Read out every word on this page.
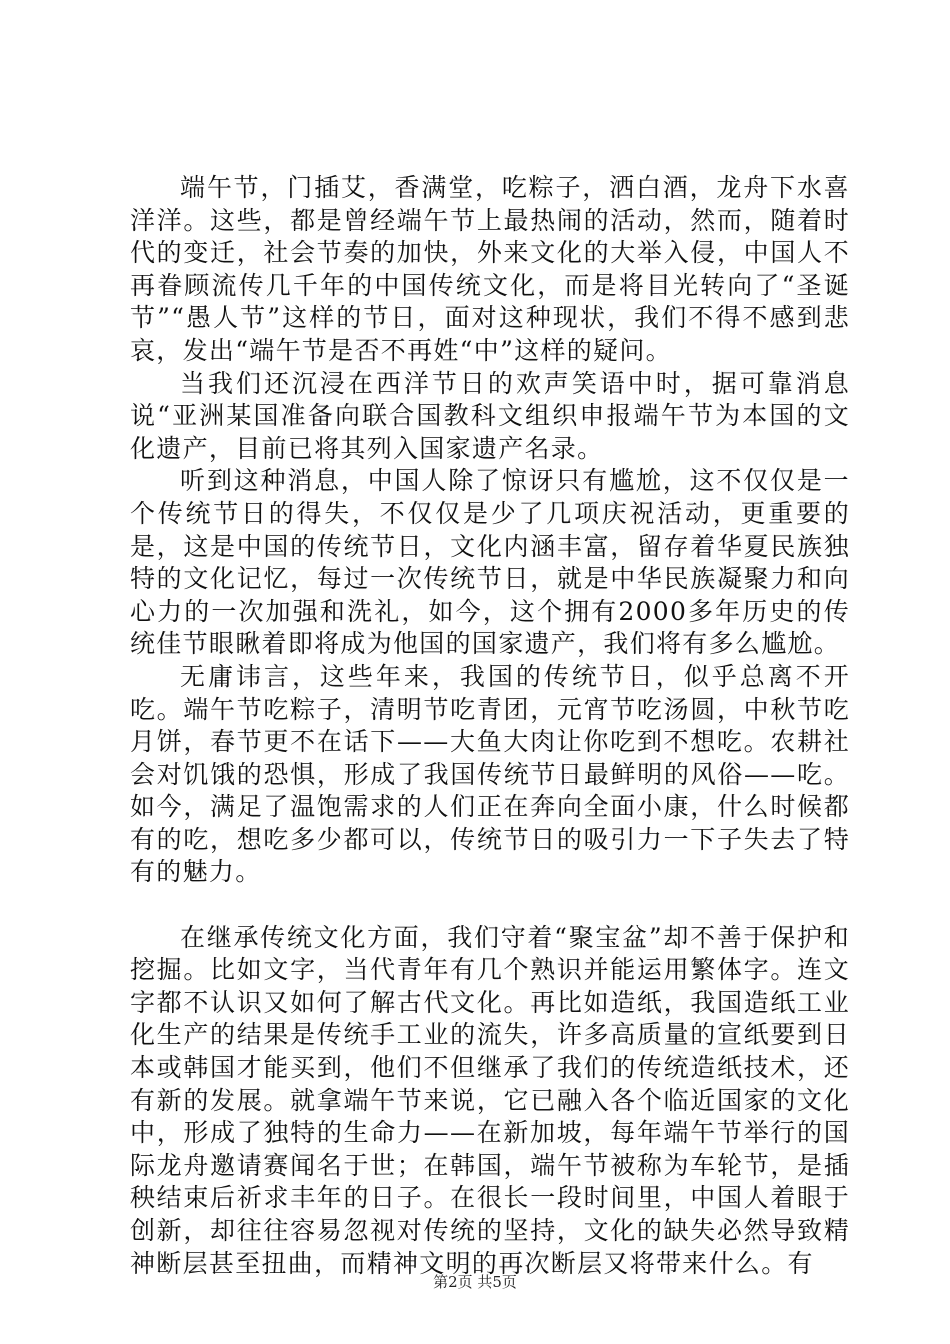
端午节，门插艾，香满堂，吃粽子，洒白酒，龙舟下水喜洋洋。这些，都是曾经端午节上最热闹的活动，然而，随着时代的变迁，社会节奏的加快，外来文化的大举入侵，中国人不再眷顾流传几千年的中国传统文化，而是将目光转向了“圣诞节”“愚人节”这样的节日，面对这种现状，我们不得不感到悲哀，发出“端午节是否不再姓“中”这样的疑问。

当我们还沉浸在西洋节日的欢声笑语中时，据可靠消息说“亚洲某国准备向联合国教科文组织申报端午节为本国的文化遗产，目前已将其列入国家遗产名录。

听到这种消息，中国人除了惊讶只有尴尬，这不仅仅是一个传统节日的得失，不仅仅是少了几项庆祝活动，更重要的是，这是中国的传统节日，文化内涵丰富，留存着华夏民族独特的文化记忆，每过一次传统节日，就是中华民族凝聚力和向心力的一次加强和洗礼，如今，这个拥有2000多年历史的传统佳节眼瞅着即将成为他国的国家遗产，我们将有多么尴尬。

无庸讳言，这些年来，我国的传统节日，似乎总离不开吃。端午节吃粽子，清明节吃青团，元宵节吃汤圆，中秋节吃月饼，春节更不在话下——大鱼大肉让你吃到不想吃。农耕社会对饥饿的恐惧，形成了我国传统节日最鲜明的风俗——吃。如今，满足了温饱需求的人们正在奔向全面小康，什么时候都有的吃，想吃多少都可以，传统节日的吸引力一下子失去了特有的魅力。

在继承传统文化方面，我们守着“聚宝盆”却不善于保护和挖掘。比如文字，当代青年有几个熟识并能运用繁体字。连文字都不认识又如何了解古代文化。再比如造纸，我国造纸工业化生产的结果是传统手工业的流失，许多高质量的宣纸要到日本或韩国才能买到，他们不但继承了我们的传统造纸技术，还有新的发展。就拿端午节来说，它已融入各个临近国家的文化中，形成了独特的生命力——在新加坡，每年端午节举行的国际龙舟邀请赛闻名于世；在韩国，端午节被称为车轮节，是插秧结束后祈求丰年的日子。在很长一段时间里，中国人着眼于创新，却往往容易忽视对传统的坚持，文化的缺失必然导致精神断层甚至扭曲，而精神文明的再次断层又将带来什么。有

第2页 共5页
